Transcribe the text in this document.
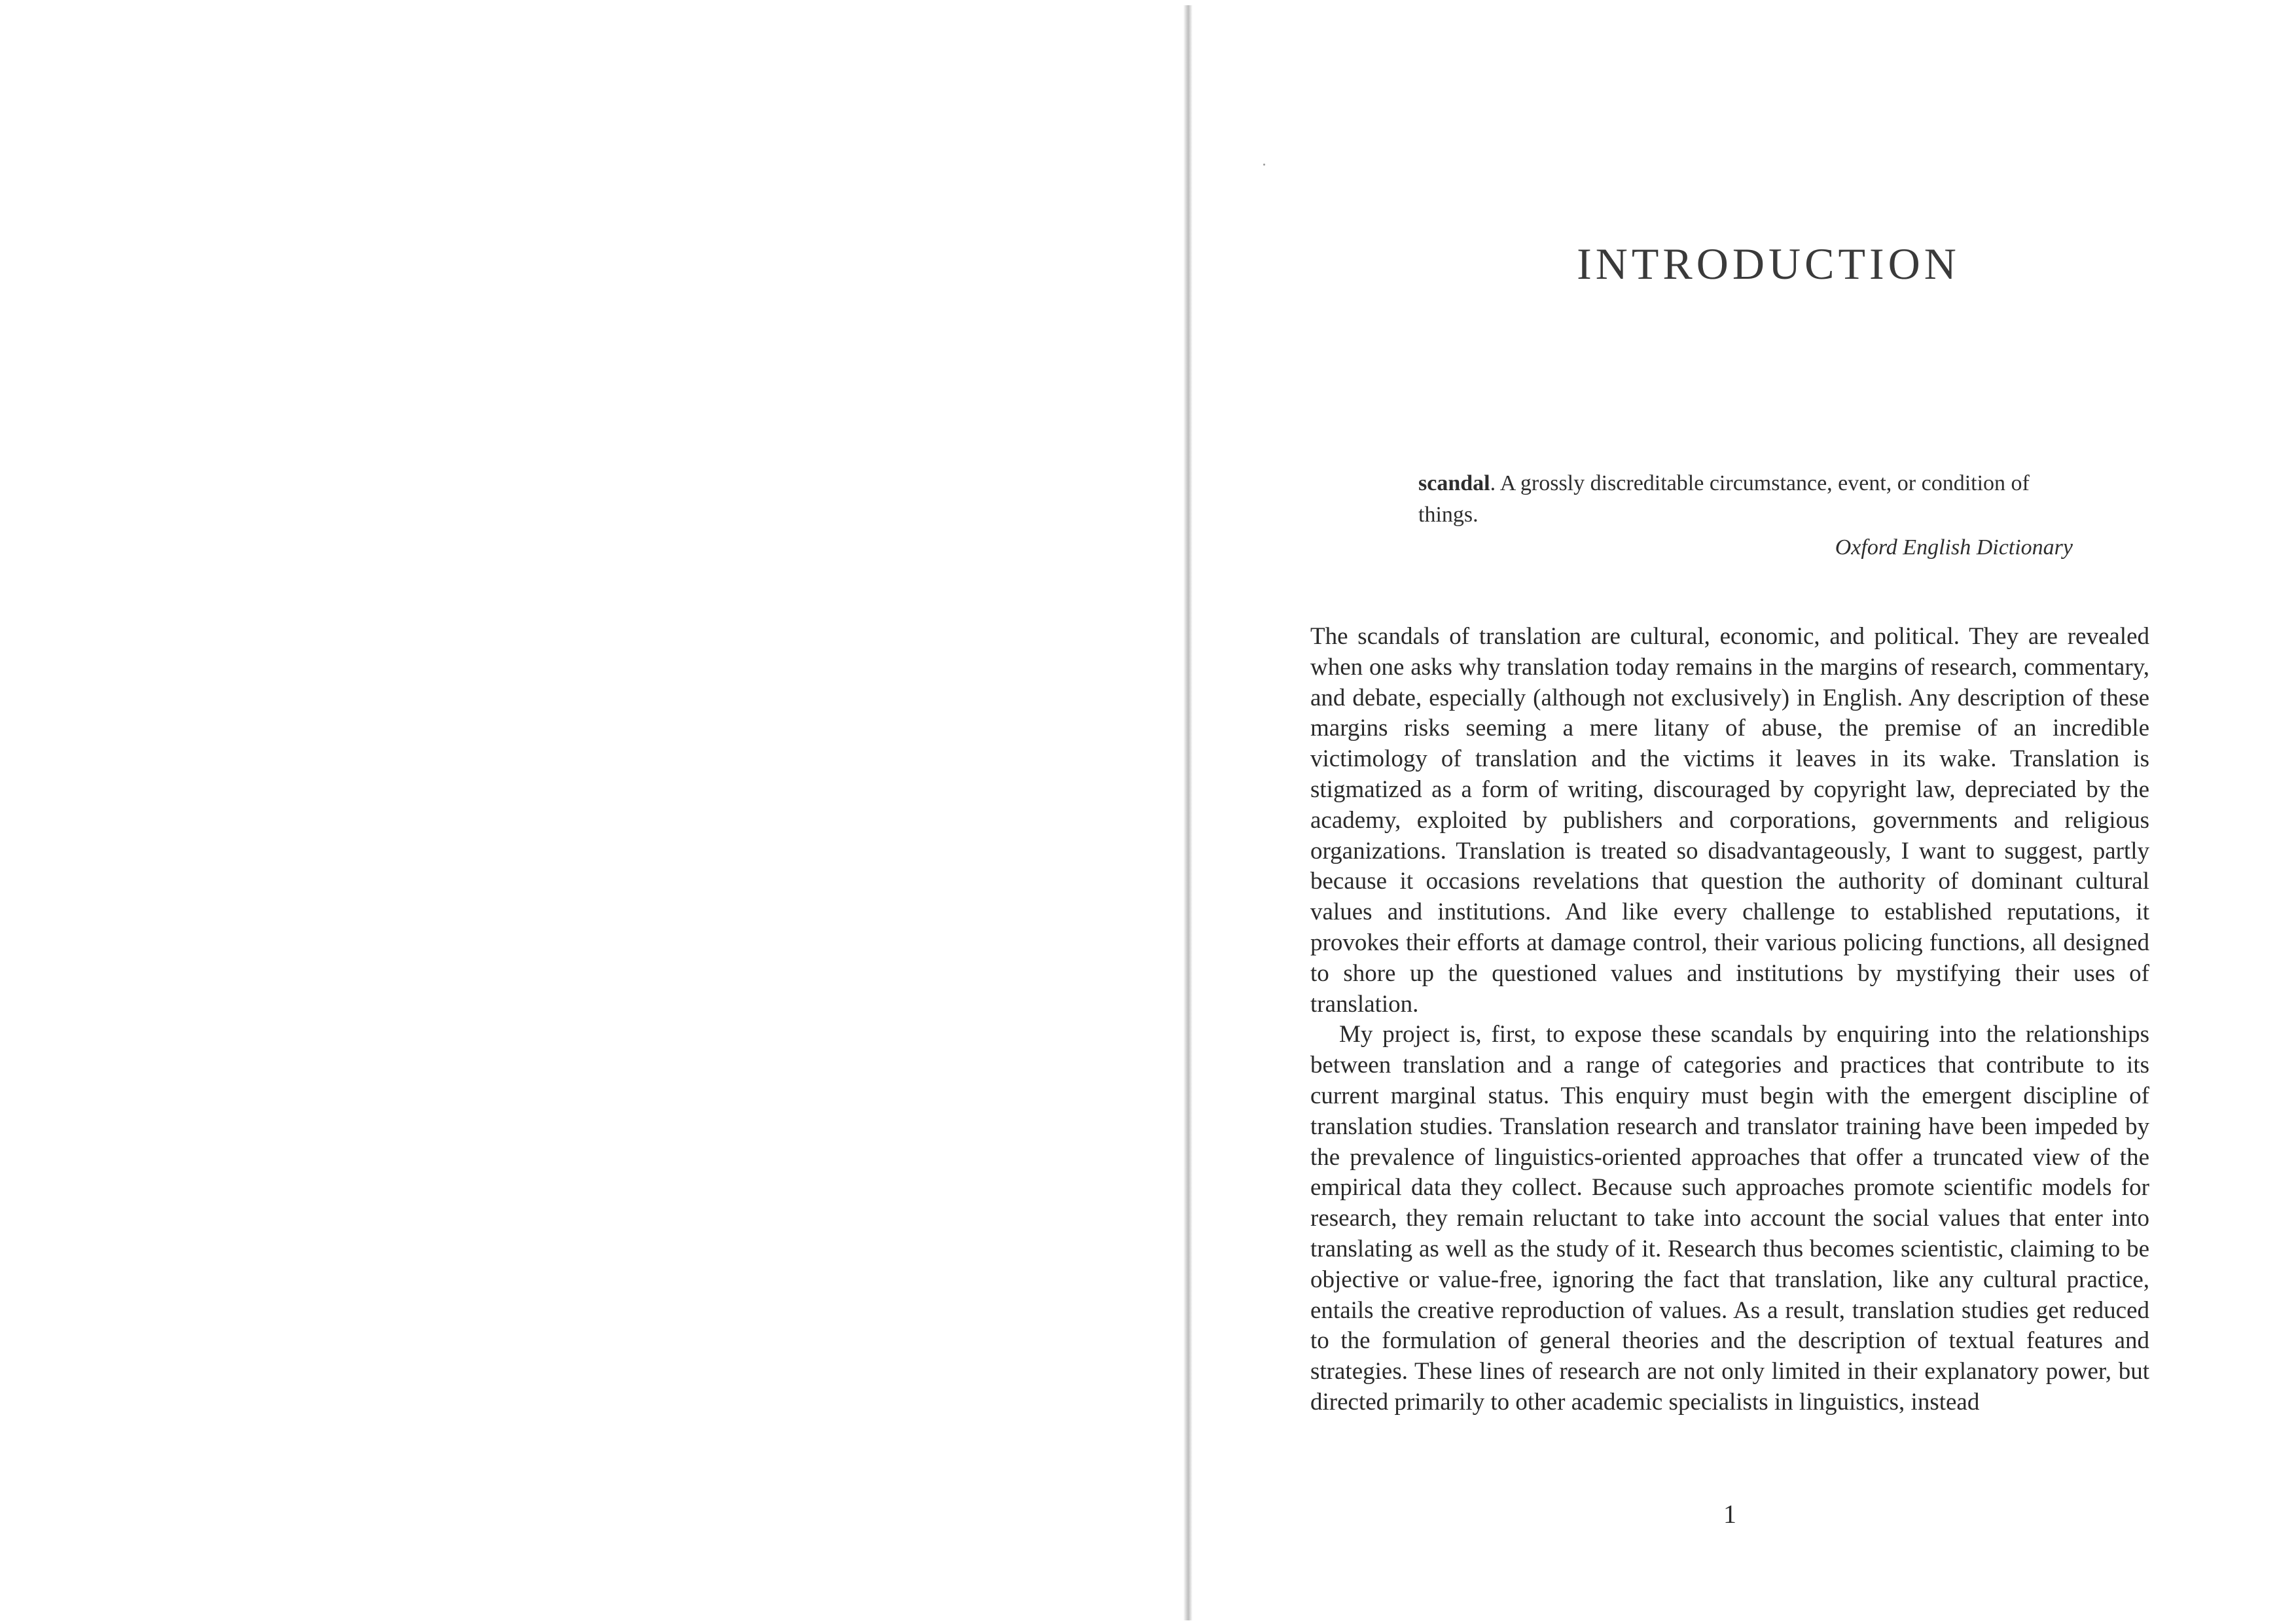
INTRODUCTION
scandal. A grossly discreditable circumstance, event, or condition of things.
Oxford English Dictionary

The scandals of translation are cultural, economic, and political. They are revealed when one asks why translation today remains in the margins of research, commentary, and debate, especially (although not exclusively) in English. Any description of these margins risks seeming a mere litany of abuse, the premise of an incredible victimology of translation and the victims it leaves in its wake. Translation is stigmatized as a form of writing, discouraged by copyright law, depreciated by the academy, exploited by publishers and corporations, governments and religious organizations. Translation is treated so disadvantageously, I want to suggest, partly because it occasions revelations that question the authority of dominant cultural values and institutions. And like every challenge to established reputations, it provokes their efforts at damage control, their various policing functions, all designed to shore up the questioned values and institutions by mystifying their uses of translation.

My project is, first, to expose these scandals by enquiring into the relationships between translation and a range of categories and practices that contribute to its current marginal status. This enquiry must begin with the emergent discipline of translation studies. Translation research and translator training have been impeded by the prevalence of linguistics-oriented approaches that offer a truncated view of the empirical data they collect. Because such approaches promote scientific models for research, they remain reluctant to take into account the social values that enter into translating as well as the study of it. Research thus becomes scientistic, claiming to be objective or value-free, ignoring the fact that translation, like any cultural practice, entails the creative reproduction of values. As a result, translation studies get reduced to the formulation of general theories and the description of textual features and strategies. These lines of research are not only limited in their explanatory power, but directed primarily to other academic specialists in linguistics, instead

1
